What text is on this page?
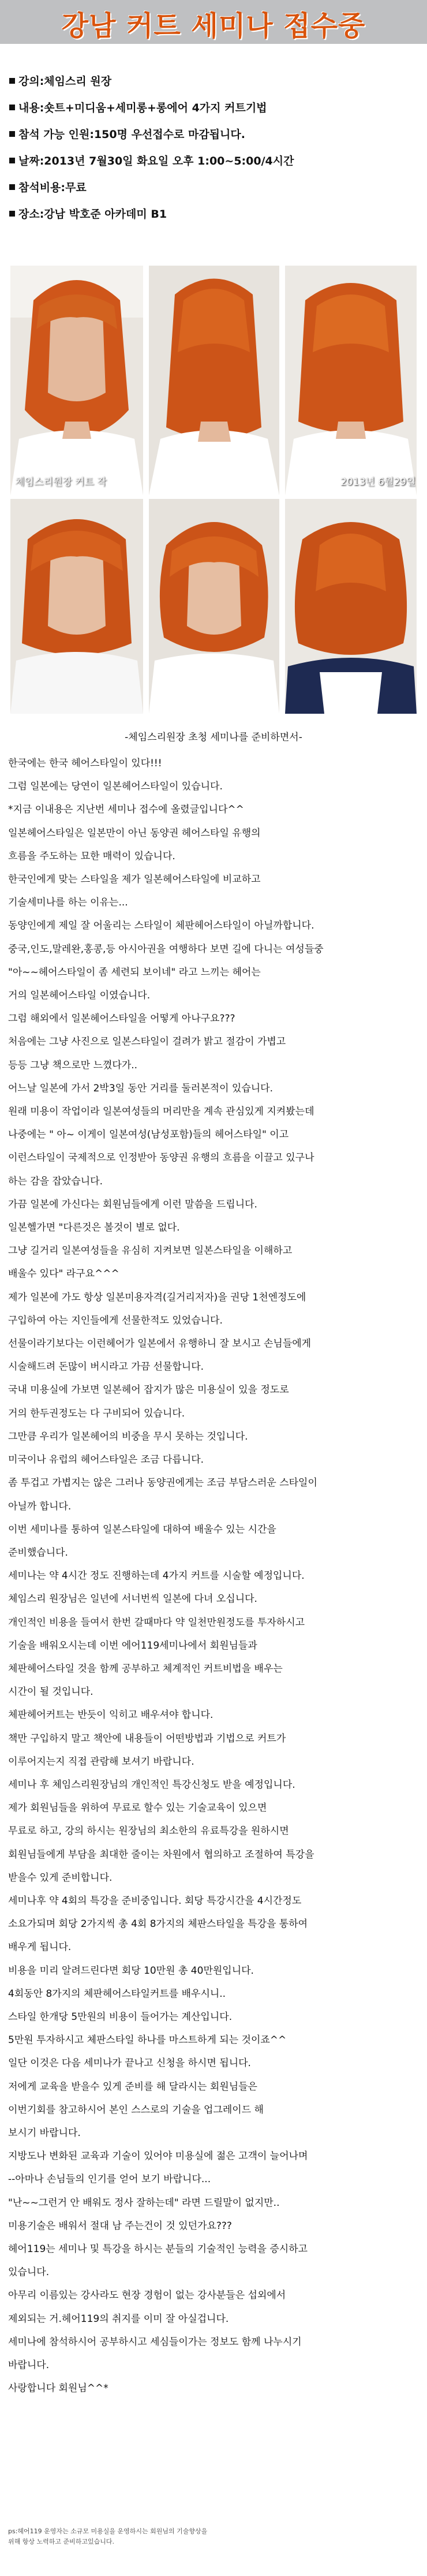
강남 커트 세미나 접수중
강의:체임스리 원장
내용:숏트+미디움+세미롱+롱에어 4가지 커트기법
참석 가능 인원:150명 우선접수로 마감됩니다.
날짜:2013년 7월30일 화요일 오후 1:00~5:00/4시간
참석비용:무료
장소:강남 박호준 아카데미 B1
체임스리원장 커트 작	2013년 6월29일
-체임스리원장 초청 세미나를 준비하면서-

한국에는 한국 헤어스타일이 있다!!!

그럼 일본에는 당연이 일본헤어스타일이 있습니다.

*지금 이내용은 지난번 세미나 접수에 올렸글입니다^^

일본헤어스타일은 일본만이 아닌 동양권 헤어스타일 유행의

흐름을 주도하는 묘한 매력이 있습니다.

한국인에게 맞는 스타일을 제가 일본헤어스타일에 비교하고

기술세미나를 하는 이유는...

동양인에게 제일 잘 어울리는 스타일이 체판헤어스타일이 아닐까합니다.

중국,인도,말레완,홍콩,등 아시아권을 여행하다 보면 길에 다니는 여성들중

"아~~헤어스타일이 좀 세련되 보이네" 라고 느끼는 헤어는

거의 일본헤어스타일 이였습니다.

그럼 해외에서 일본헤어스타일을 어떻게 아나구요???

처음에는 그냥 사진으로 일본스타일이 걸려가 밝고 절감이 가볍고

등등 그냥 책으로만 느꼈다가..

어느날 일본에 가서 2박3일 동안 거리를 둘러본적이 있습니다.

원래 미용이 작업이라 일본여성들의 머리만을 계속 관심있게 지켜봤는데

나중에는 " 아~ 이게이 일본여성(남성포함)들의 헤어스타일" 이고

이런스타일이 국제적으로 인정받아 동양권 유행의 흐름을 이끌고 있구나

하는 감을 잡았습니다.

가끔 일본에 가신다는 회원님들에게 이런 말씀을 드립니다.

일본헬가면 "다른것은 볼것이 별로 없다.

그냥 길거리 일본여성들을 유심히 지켜보면 일본스타일을 이해하고

배울수 있다" 라구요^^^

제가 일본에 가도 항상 일본미용자격(길거리저자)을 권당 1천엔정도에

구입하여 아는 지인들에게 선물한적도 있었습니다.

선물이라기보다는 이런헤어가 일본에서 유행하니 잘 보시고 손님들에게

시술해드려 돈많이 버시라고 가끔 선물합니다.

국내 미용실에 가보면 일본헤어 잡지가 많은 미용실이 있을 정도로

거의 한두권정도는 다 구비되어 있습니다.

그만큼 우리가 일본헤어의 비중을 무시 못하는 것입니다.

미국이나 유럽의 헤어스타일은 조금 다릅니다.

좀 투겁고 가볍지는 않은 그러나 동양권에게는 조금 부담스러운 스타일이

아닐까 합니다.

이번 세미나를 통하여 일본스타일에 대하여 배울수 있는 시간을

준비했습니다.

세미나는 약 4시간 정도 진행하는데 4가지 커트를 시술할 예정입니다.

체임스리 원장님은 일년에 서너번씩 일본에 다녀 오십니다.

개인적인 비용을 들여서 한번 갈때마다 약 일천만원정도를 투자하시고

기술을 배워오시는데 이번 에어119세미나에서 회원님들과

체판헤어스타일 것을 함께 공부하고 체계적인 커트비법을 배우는

시간이 될 것입니다.

체판헤어커트는 반듯이 익히고 배우셔야 합니다.

책만 구입하지 말고 책안에 내용들이 어떤방법과 기법으로 커트가

이루어지는지 직접 관람해 보셔기 바랍니다.

세미나 후 체임스리원장님의 개인적인 특강신청도 받을 예정입니다.

제가 회원님들을 위하여 무료로 할수 있는 기술교육이 있으면

무료로 하고, 강의 하시는 원장님의 최소한의 유료특강을 원하시면

회원님들에게 부담을 최대한 줄이는 차원에서 협의하고 조절하여 특강을

받을수 있게 준비합니다.

세미나후 약 4회의 특강을 준비중입니다. 회당 특강시간을 4시간정도

소요가되며 회당 2가지씩 총 4회 8가지의 체판스타일을 특강을 통하여

배우게 됩니다.

비용을 미리 알려드린다면 회당 10만원 총 40만원입니다.

4회동안 8가지의 체판헤어스타일커트를 배우시니..

스타일 한개당 5만원의 비용이 들어가는 계산입니다.

5만원 투자하시고 체판스타일 하나를 마스트하게 되는 것이죠^^

일단 이것은 다음 세미나가 끝나고 신청을 하시면 됩니다.

저에게 교육을 받을수 있게 준비를 해 달라시는 회원님들은

이번기회를 참고하시어 본인 스스로의 기술을 업그레이드 해

보시기 바랍니다.

지방도나 변화된 교육과 기술이 있어야 미용실에 젊은 고객이 늘어나며

--아마나 손님들의 인기를 얻어 보기 바랍니다...

"난~~그런거 안 배워도 정사 잘하는데" 라면 드릴말이 없지만..

미용기술은 배워서 절대 남 주는건이 것 있던가요???

헤어119는 세미나 및 특강을 하시는 분들의 기술적인 능력을 증시하고

있습니다.

아무리 이름있는 강사라도 현장 경험이 없는 강사분들은 섭외에서

제외되는 거.헤어119의 취지를 이미 잘 아실겁니다.

세미나에 참석하시어 공부하시고 세심들이가는 정보도 함께 나누시기

바랍니다.

사랑합니다 회원님^^*

ps:헤어119 운영자는 소규모 미용실을 운영하시는 회원님의 기술향상을
위해 항상 노력하고 준비하고있습니다.
